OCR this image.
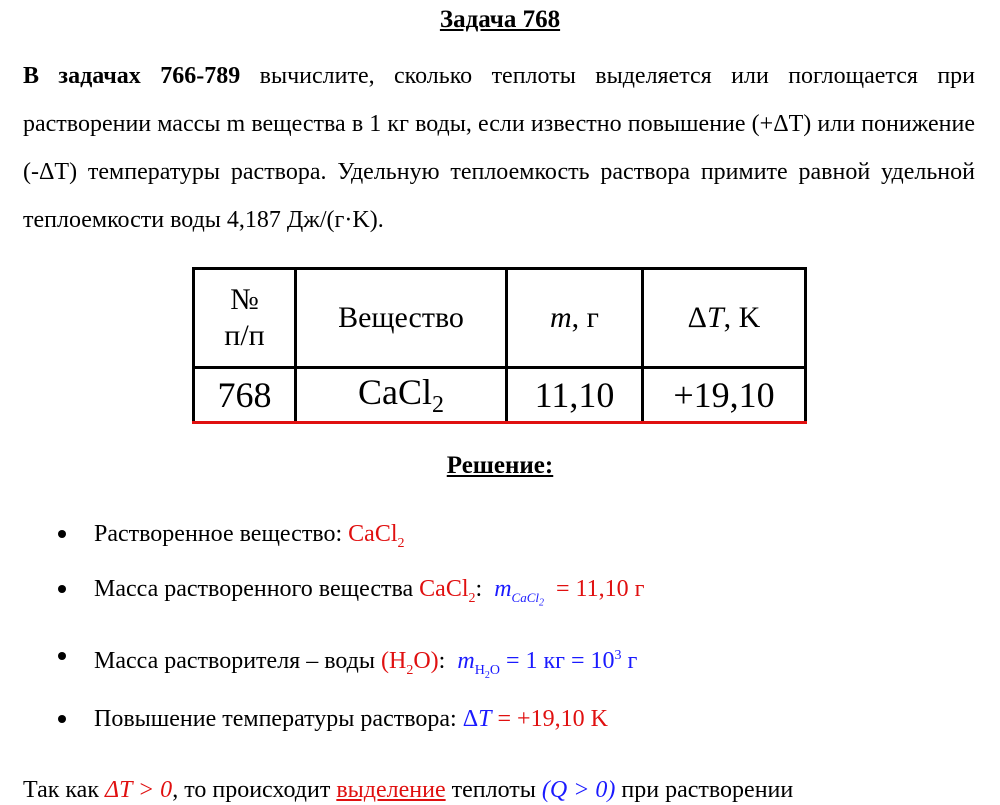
Задача 768
В задачах 766-789 вычислите, сколько теплоты выделяется или поглощается при растворении массы m вещества в 1 кг воды, если известно повышение (+ΔT) или понижение (-ΔT) температуры раствора. Удельную теплоемкость раствора примите равной удельной теплоемкости воды 4,187 Дж/(г·K).
№
п/п	Вещество	m, г	ΔT, K
768	CaCl$_2$	11,10	+19,10
Решение:
Растворенное вещество: CaCl$_2$
Масса растворенного вещества CaCl$_2$: $m_{CaCl_2} = 11,10$ г
Масса растворителя – воды $(H_2O)$: $m_{H_2O} = 1$ кг = $10^3$ г
Повышение температуры раствора: ΔT = +19,10 K
Так как ΔT > 0, то происходит выделение теплоты (Q > 0) при растворении
